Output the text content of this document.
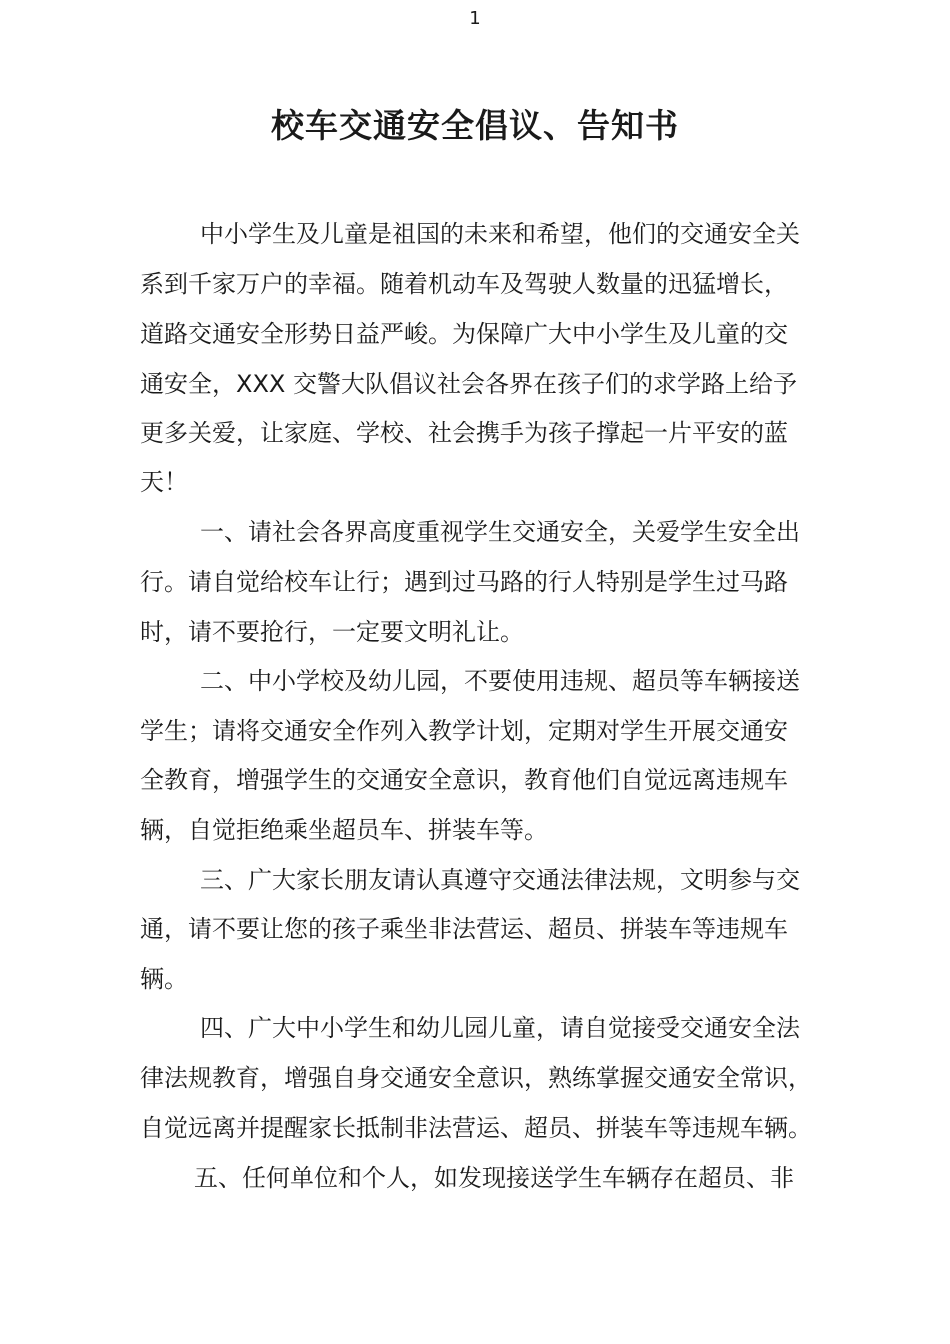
1
校车交通安全倡议、告知书
中小学生及儿童是祖国的未来和希望，他们的交通安全关
系到千家万户的幸福。随着机动车及驾驶人数量的迅猛增长，
道路交通安全形势日益严峻。为保障广大中小学生及儿童的交
通安全，XXX 交警大队倡议社会各界在孩子们的求学路上给予
更多关爱，让家庭、学校、社会携手为孩子撑起一片平安的蓝
天！
一、请社会各界高度重视学生交通安全，关爱学生安全出
行。请自觉给校车让行；遇到过马路的行人特别是学生过马路
时，请不要抢行，一定要文明礼让。
二、中小学校及幼儿园，不要使用违规、超员等车辆接送
学生；请将交通安全作列入教学计划，定期对学生开展交通安
全教育，增强学生的交通安全意识，教育他们自觉远离违规车
辆，自觉拒绝乘坐超员车、拼装车等。
三、广大家长朋友请认真遵守交通法律法规，文明参与交
通，请不要让您的孩子乘坐非法营运、超员、拼装车等违规车
辆。
四、广大中小学生和幼儿园儿童，请自觉接受交通安全法
律法规教育，增强自身交通安全意识，熟练掌握交通安全常识，
自觉远离并提醒家长抵制非法营运、超员、拼装车等违规车辆。
五、任何单位和个人，如发现接送学生车辆存在超员、非
